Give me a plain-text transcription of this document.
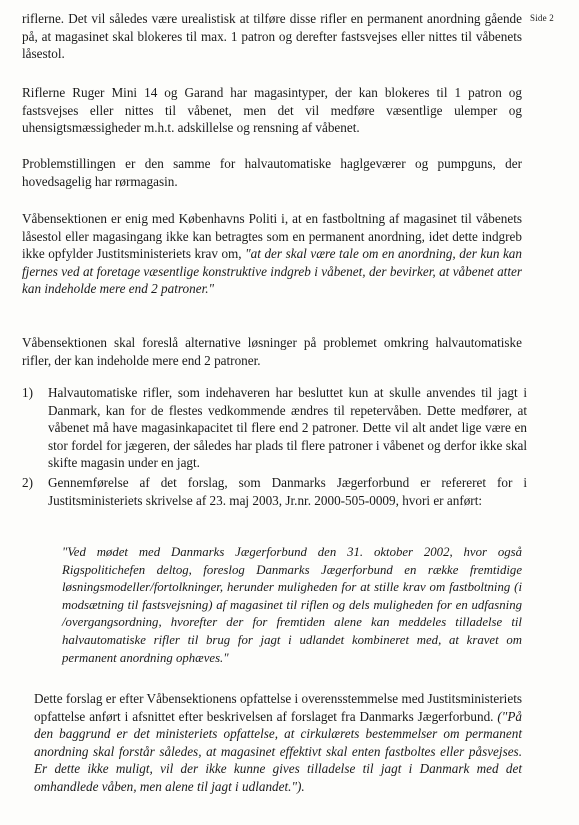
Side 2

riflerne. Det vil således være urealistisk at tilføre disse rifler en permanent anordning gående på, at magasinet skal blokeres til max. 1 patron og derefter fastsvejses eller nittes til våbenets låsestol.

Riflerne Ruger Mini 14 og Garand har magasintyper, der kan blokeres til 1 patron og fastsvejses eller nittes til våbenet, men det vil medføre væsentlige ulemper og uhensigtsmæssigheder m.h.t. adskillelse og rensning af våbenet.

Problemstillingen er den samme for halvautomatiske haglgeværer og pumpguns, der hovedsagelig har rørmagasin.

Våbensektionen er enig med Københavns Politi i, at en fastboltning af magasinet til våbenets låsestol eller magasingang ikke kan betragtes som en permanent anordning, idet dette indgreb ikke opfylder Justitsministeriets krav om, "at der skal være tale om en anordning, der kun kan fjernes ved at foretage væsentlige konstruktive indgreb i våbenet, der bevirker, at våbenet atter kan indeholde mere end 2 patroner."

Våbensektionen skal foreslå alternative løsninger på problemet omkring halvautomatiske rifler, der kan indeholde mere end 2 patroner.

1)	Halvautomatiske rifler, som indehaveren har besluttet kun at skulle anvendes til jagt i Danmark, kan for de flestes vedkommende ændres til repetervåben. Dette medfører, at våbenet må have magasinkapacitet til flere end 2 patroner. Dette vil alt andet lige være en stor fordel for jægeren, der således har plads til flere patroner i våbenet og derfor ikke skal skifte magasin under en jagt.
2)	Gennemførelse af det forslag, som Danmarks Jægerforbund er refereret for i Justitsministeriets skrivelse af 23. maj 2003, Jr.nr. 2000-505-0009, hvori er anført:

"Ved mødet med Danmarks Jægerforbund den 31. oktober 2002, hvor også Rigspolitichefen deltog, foreslog Danmarks Jægerforbund en række fremtidige løsningsmodeller/fortolkninger, herunder muligheden for at stille krav om fastboltning (i modsætning til fastsvejsning) af magasinet til riflen og dels muligheden for en udfasning /overgangsordning, hvorefter der for fremtiden alene kan meddeles tilladelse til halvautomatiske rifler til brug for jagt i udlandet kombineret med, at kravet om permanent anordning ophæves."

Dette forslag er efter Våbensektionens opfattelse i overensstemmelse med Justitsministeriets opfattelse anført i afsnittet efter beskrivelsen af forslaget fra Danmarks Jægerforbund. ("På den baggrund er det ministeriets opfattelse, at cirkulærets bestemmelser om permanent anordning skal forstår således, at magasinet effektivt skal enten fastboltes eller påsvejses. Er dette ikke muligt, vil der ikke kunne gives tilladelse til jagt i Danmark med det omhandlede våben, men alene til jagt i udlandet.").
